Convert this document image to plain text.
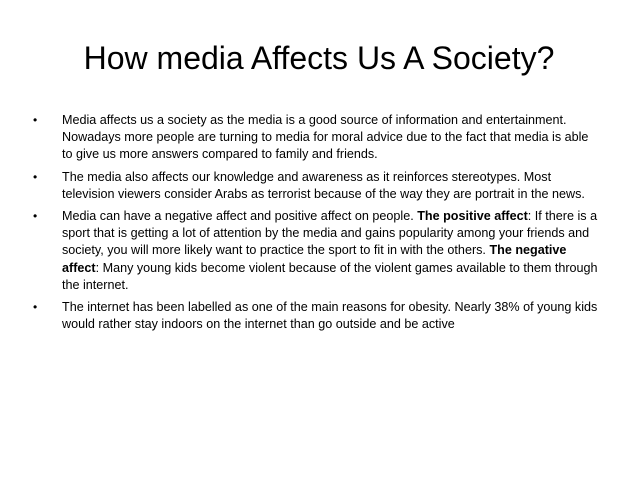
How media Affects Us A Society?
• Media affects us a society as the media is a good source of information and entertainment. Nowadays more people are turning to media for moral advice due to the fact that media is able to give us more answers compared to family and friends.
• The media also affects our knowledge and awareness as it reinforces stereotypes. Most television viewers consider Arabs as terrorist because of the way they are portrait in the news.
• Media can have a negative affect and positive affect on people. The positive affect: If there is a sport that is getting a lot of attention by the media and gains popularity among your friends and society, you will more likely want to practice the sport to fit in with the others. The negative affect: Many young kids become violent because of the violent games available to them through the internet.
• The internet has been labelled as one of the main reasons for obesity. Nearly 38% of young kids would rather stay indoors on the internet than go outside and be active
